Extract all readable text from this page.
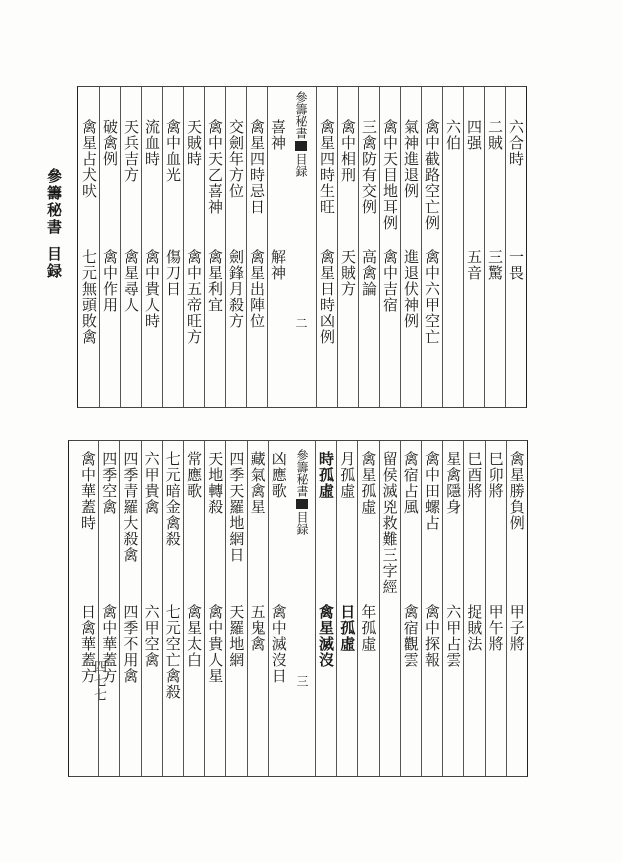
參籌秘書
目録
四七七
參籌秘書目録二
六合時
一畏
二賊
三驚
四强
五音
六伯
禽中截路空亡例
禽中六甲空亡
氣神進退例
進退伏神例
禽中天目地耳例
禽中吉宿
三禽防有交例
高禽論
禽中相刑
天賊方
禽星四時生旺
禽星日時凶例
喜神
解神
禽星四時忌日
禽星出陣位
交劍年方位
劍鋒月殺方
禽中天乙喜神
禽星利宜
天賊時
禽中五帝旺方
禽中血光
傷刀日
流血時
禽中貴人時
天兵吉方
禽星尋人
破禽例
禽中作用
禽星占犬吠
七元無頭敗禽
參籌秘書目録三
禽星勝負例
甲子將
巳卯將
甲午將
巳酉將
捉賊法
星禽隱身
六甲占雲
禽中田螺占
禽中探報
禽宿占風
禽宿觀雲
留侯滅兇救難三字經
禽星孤虛
年孤虛
月孤虛
日孤虛
時孤虛
禽星滅沒
凶應歌
禽中滅沒日
藏氣禽星
五鬼禽
四季天羅地網日
天羅地網
天地轉殺
禽中貴人星
常應歌
禽星太白
七元暗金禽殺
七元空亡禽殺
六甲貴禽
六甲空禽
四季青羅大殺禽
四季不用禽
四季空禽
禽中華蓋方
禽中華蓋時
日禽華蓋方
